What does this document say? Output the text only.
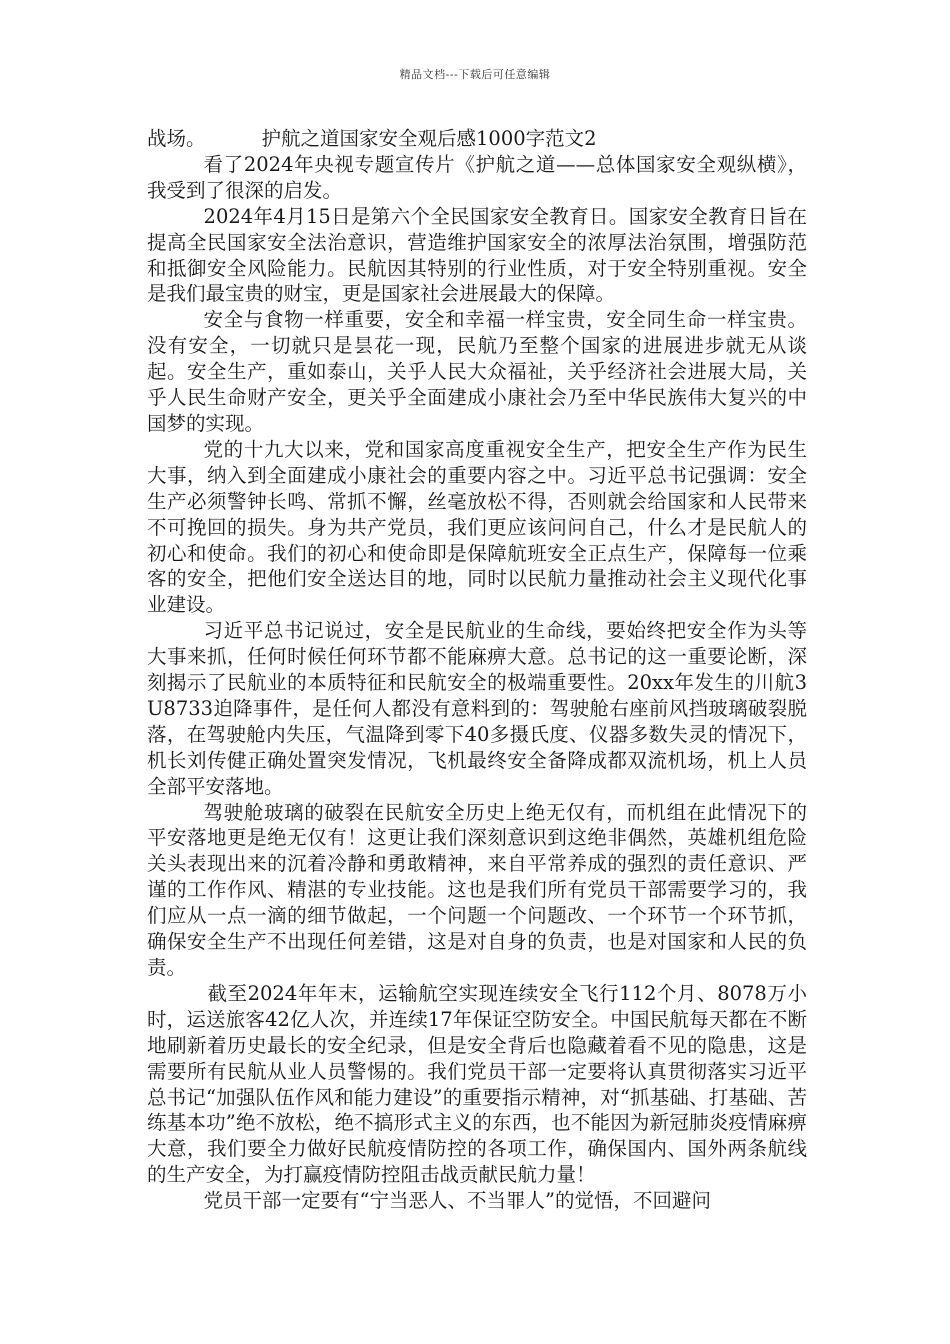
精品文档---下载后可任意编辑

战场。	护航之道国家安全观后感1000字范文2

看了2024年央视专题宣传片《护航之道——总体国家安全观纵横》，我受到了很深的启发。

2024年4月15日是第六个全民国家安全教育日。国家安全教育日旨在提高全民国家安全法治意识，营造维护国家安全的浓厚法治氛围，增强防范和抵御安全风险能力。民航因其特别的行业性质，对于安全特别重视。安全是我们最宝贵的财宝，更是国家社会进展最大的保障。

安全与食物一样重要，安全和幸福一样宝贵，安全同生命一样宝贵。没有安全，一切就只是昙花一现，民航乃至整个国家的进展进步就无从谈起。安全生产，重如泰山，关乎人民大众福祉，关乎经济社会进展大局，关乎人民生命财产安全，更关乎全面建成小康社会乃至中华民族伟大复兴的中国梦的实现。

党的十九大以来，党和国家高度重视安全生产，把安全生产作为民生大事，纳入到全面建成小康社会的重要内容之中。习近平总书记强调：安全生产必须警钟长鸣、常抓不懈，丝毫放松不得，否则就会给国家和人民带来不可挽回的损失。身为共产党员，我们更应该问问自己，什么才是民航人的初心和使命。我们的初心和使命即是保障航班安全正点生产，保障每一位乘客的安全，把他们安全送达目的地，同时以民航力量推动社会主义现代化事业建设。

习近平总书记说过，安全是民航业的生命线，要始终把安全作为头等大事来抓，任何时候任何环节都不能麻痹大意。总书记的这一重要论断，深刻揭示了民航业的本质特征和民航安全的极端重要性。20xx年发生的川航3U8733迫降事件，是任何人都没有意料到的：驾驶舱右座前风挡玻璃破裂脱落，在驾驶舱内失压，气温降到零下40多摄氏度、仪器多数失灵的情况下，机长刘传健正确处置突发情况，飞机最终安全备降成都双流机场，机上人员全部平安落地。

驾驶舱玻璃的破裂在民航安全历史上绝无仅有，而机组在此情况下的平安落地更是绝无仅有！这更让我们深刻意识到这绝非偶然，英雄机组危险关头表现出来的沉着冷静和勇敢精神，来自平常养成的强烈的责任意识、严谨的工作作风、精湛的专业技能。这也是我们所有党员干部需要学习的，我们应从一点一滴的细节做起，一个问题一个问题改、一个环节一个环节抓，确保安全生产不出现任何差错，这是对自身的负责，也是对国家和人民的负责。

截至2024年年末，运输航空实现连续安全飞行112个月、8078万小时，运送旅客42亿人次，并连续17年保证空防安全。中国民航每天都在不断地刷新着历史最长的安全纪录，但是安全背后也隐藏着看不见的隐患，这是需要所有民航从业人员警惕的。我们党员干部一定要将认真贯彻落实习近平总书记“加强队伍作风和能力建设”的重要指示精神，对“抓基础、打基础、苦练基本功”绝不放松，绝不搞形式主义的东西，也不能因为新冠肺炎疫情麻痹大意，我们要全力做好民航疫情防控的各项工作，确保国内、国外两条航线的生产安全，为打赢疫情防控阻击战贡献民航力量！

党员干部一定要有“宁当恶人、不当罪人”的觉悟，不回避问
